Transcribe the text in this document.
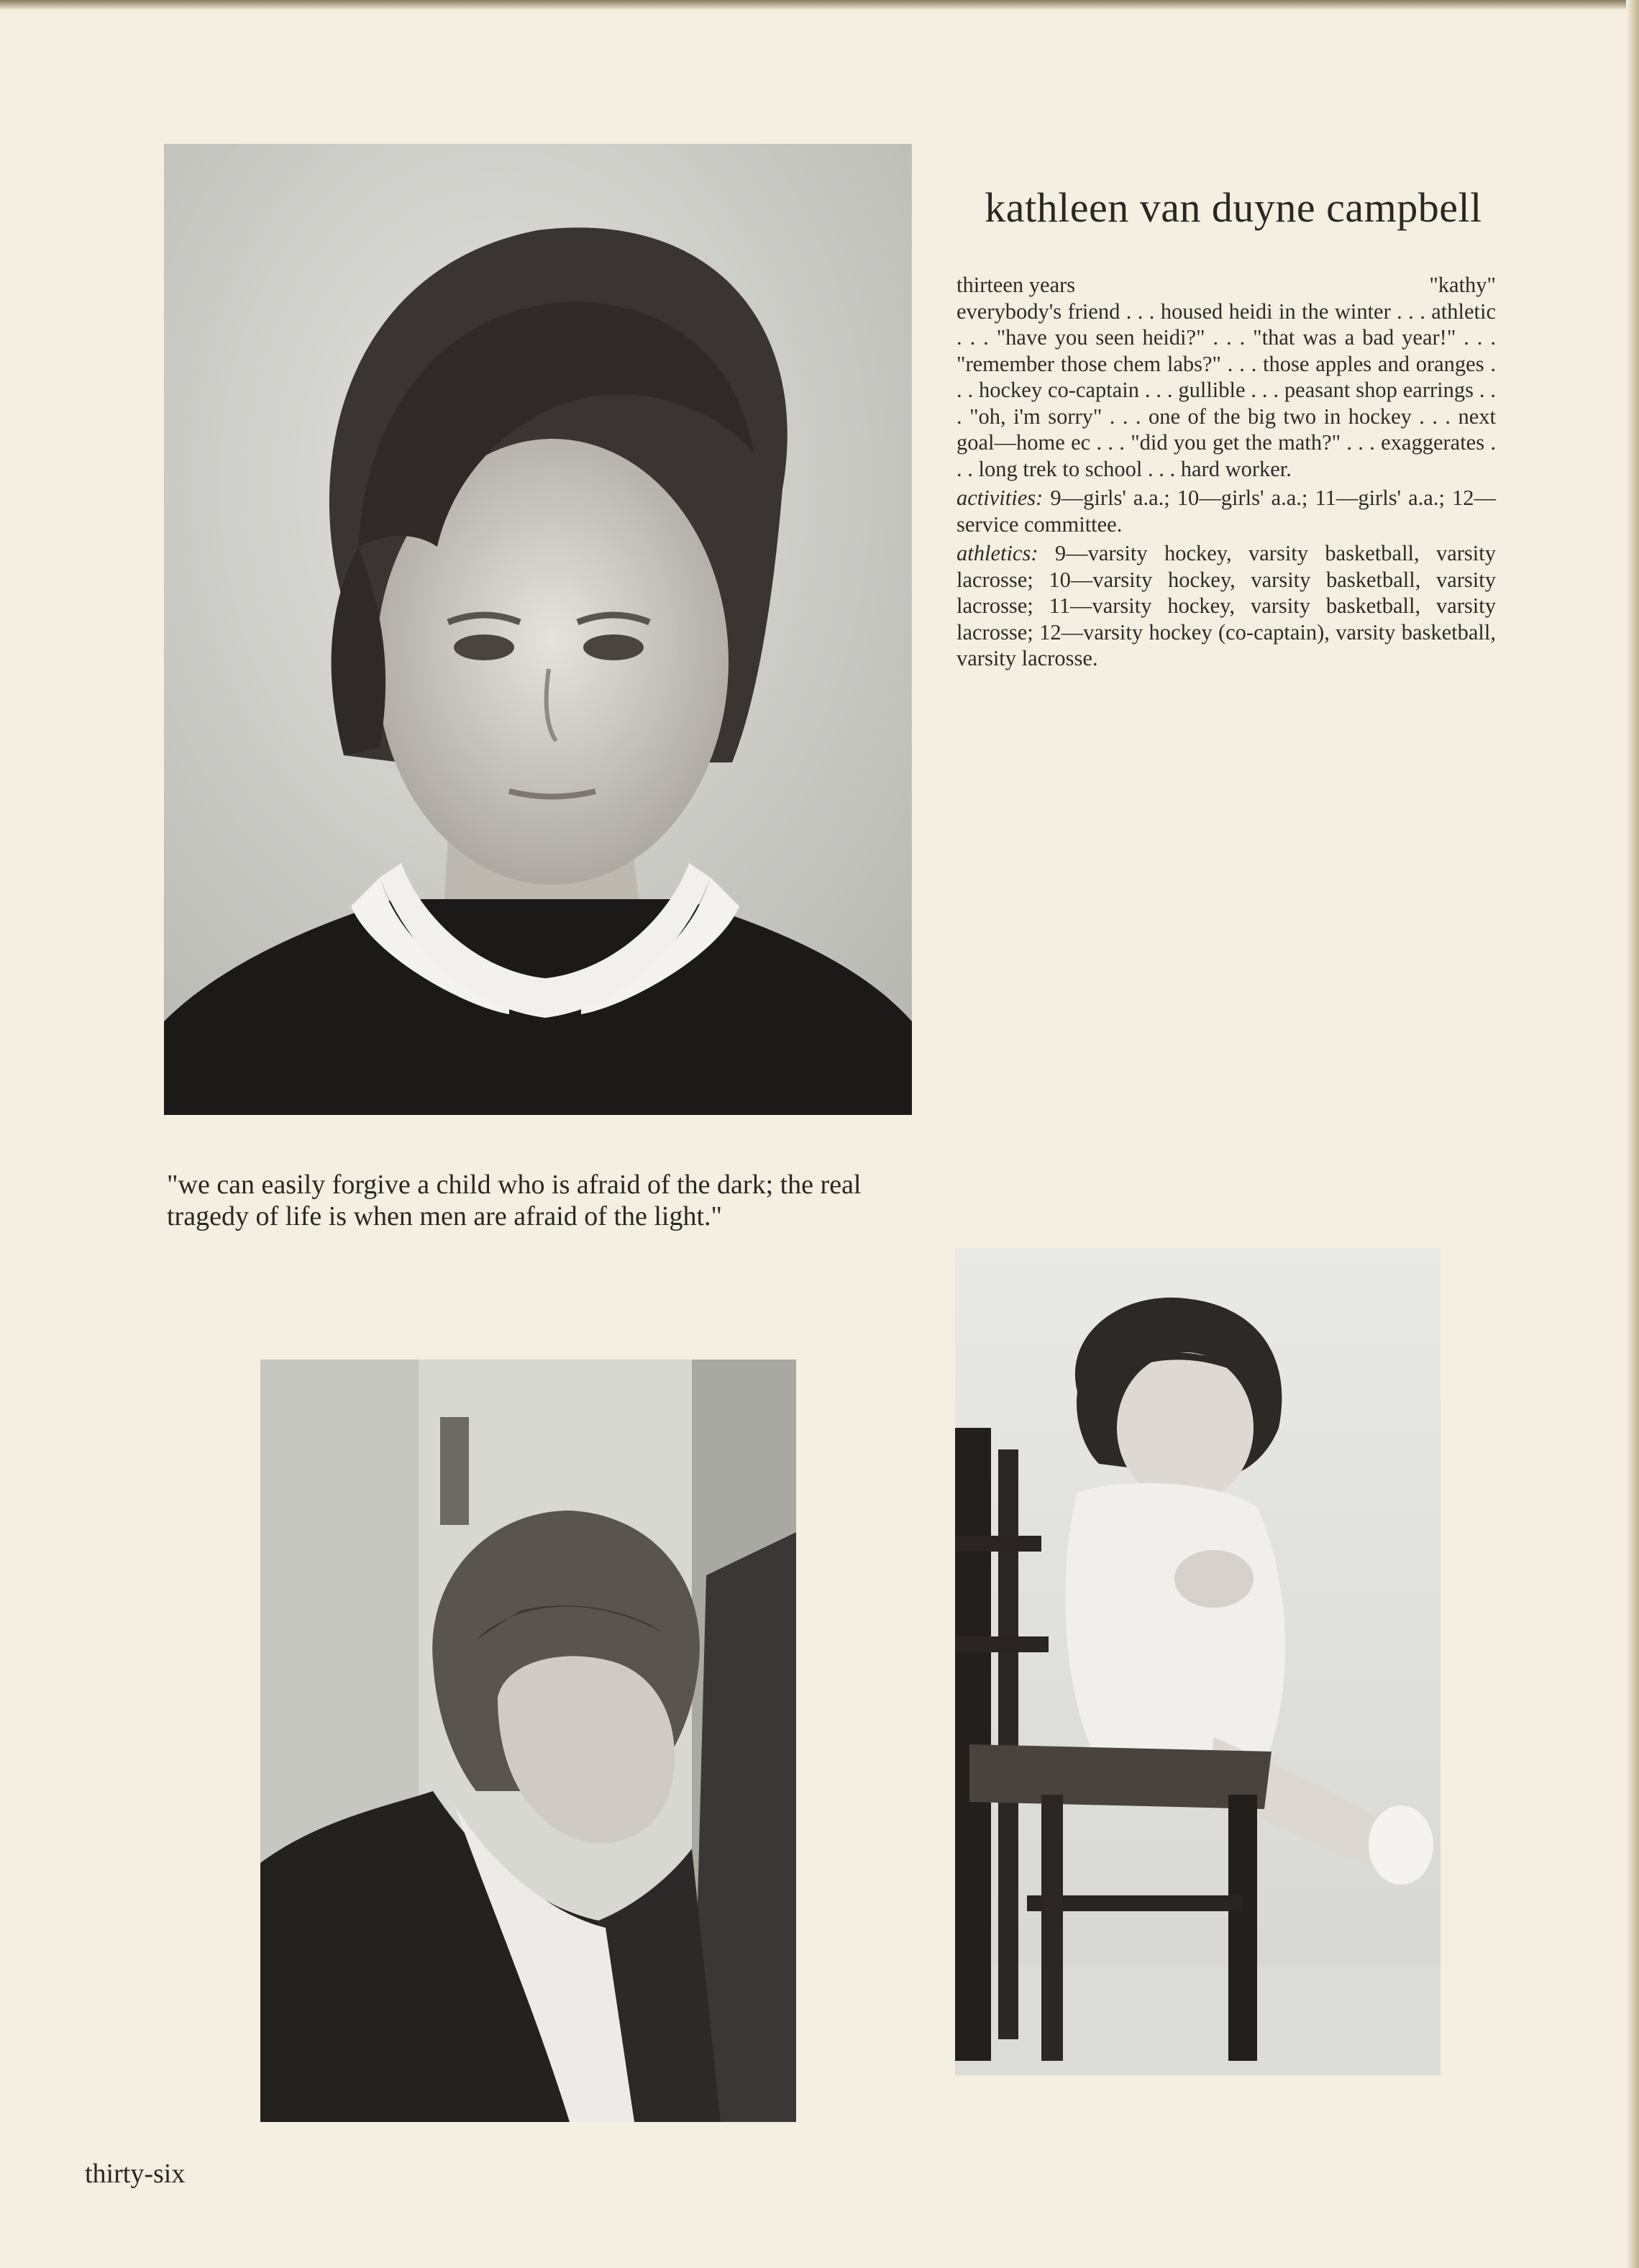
kathleen van duyne campbell
thirteen years	"kathy"

everybody's friend . . . housed heidi in the winter . . . athletic . . . "have you seen heidi?" . . . "that was a bad year!" . . . "remember those chem labs?" . . . those apples and oranges . . . hockey co-captain . . . gullible . . . peasant shop earrings . . . "oh, i'm sorry" . . . one of the big two in hockey . . . next goal—home ec . . . "did you get the math?" . . . exaggerates . . . long trek to school . . . hard worker.

activities: 9—girls' a.a.; 10—girls' a.a.; 11—girls' a.a.; 12—service committee.

athletics: 9—varsity hockey, varsity basketball, varsity lacrosse; 10—varsity hockey, varsity basketball, varsity lacrosse; 11—varsity hockey, varsity basketball, varsity lacrosse; 12—varsity hockey (co-captain), varsity basketball, varsity lacrosse.

"we can easily forgive a child who is afraid of the dark; the real tragedy of life is when men are afraid of the light."

thirty-six
